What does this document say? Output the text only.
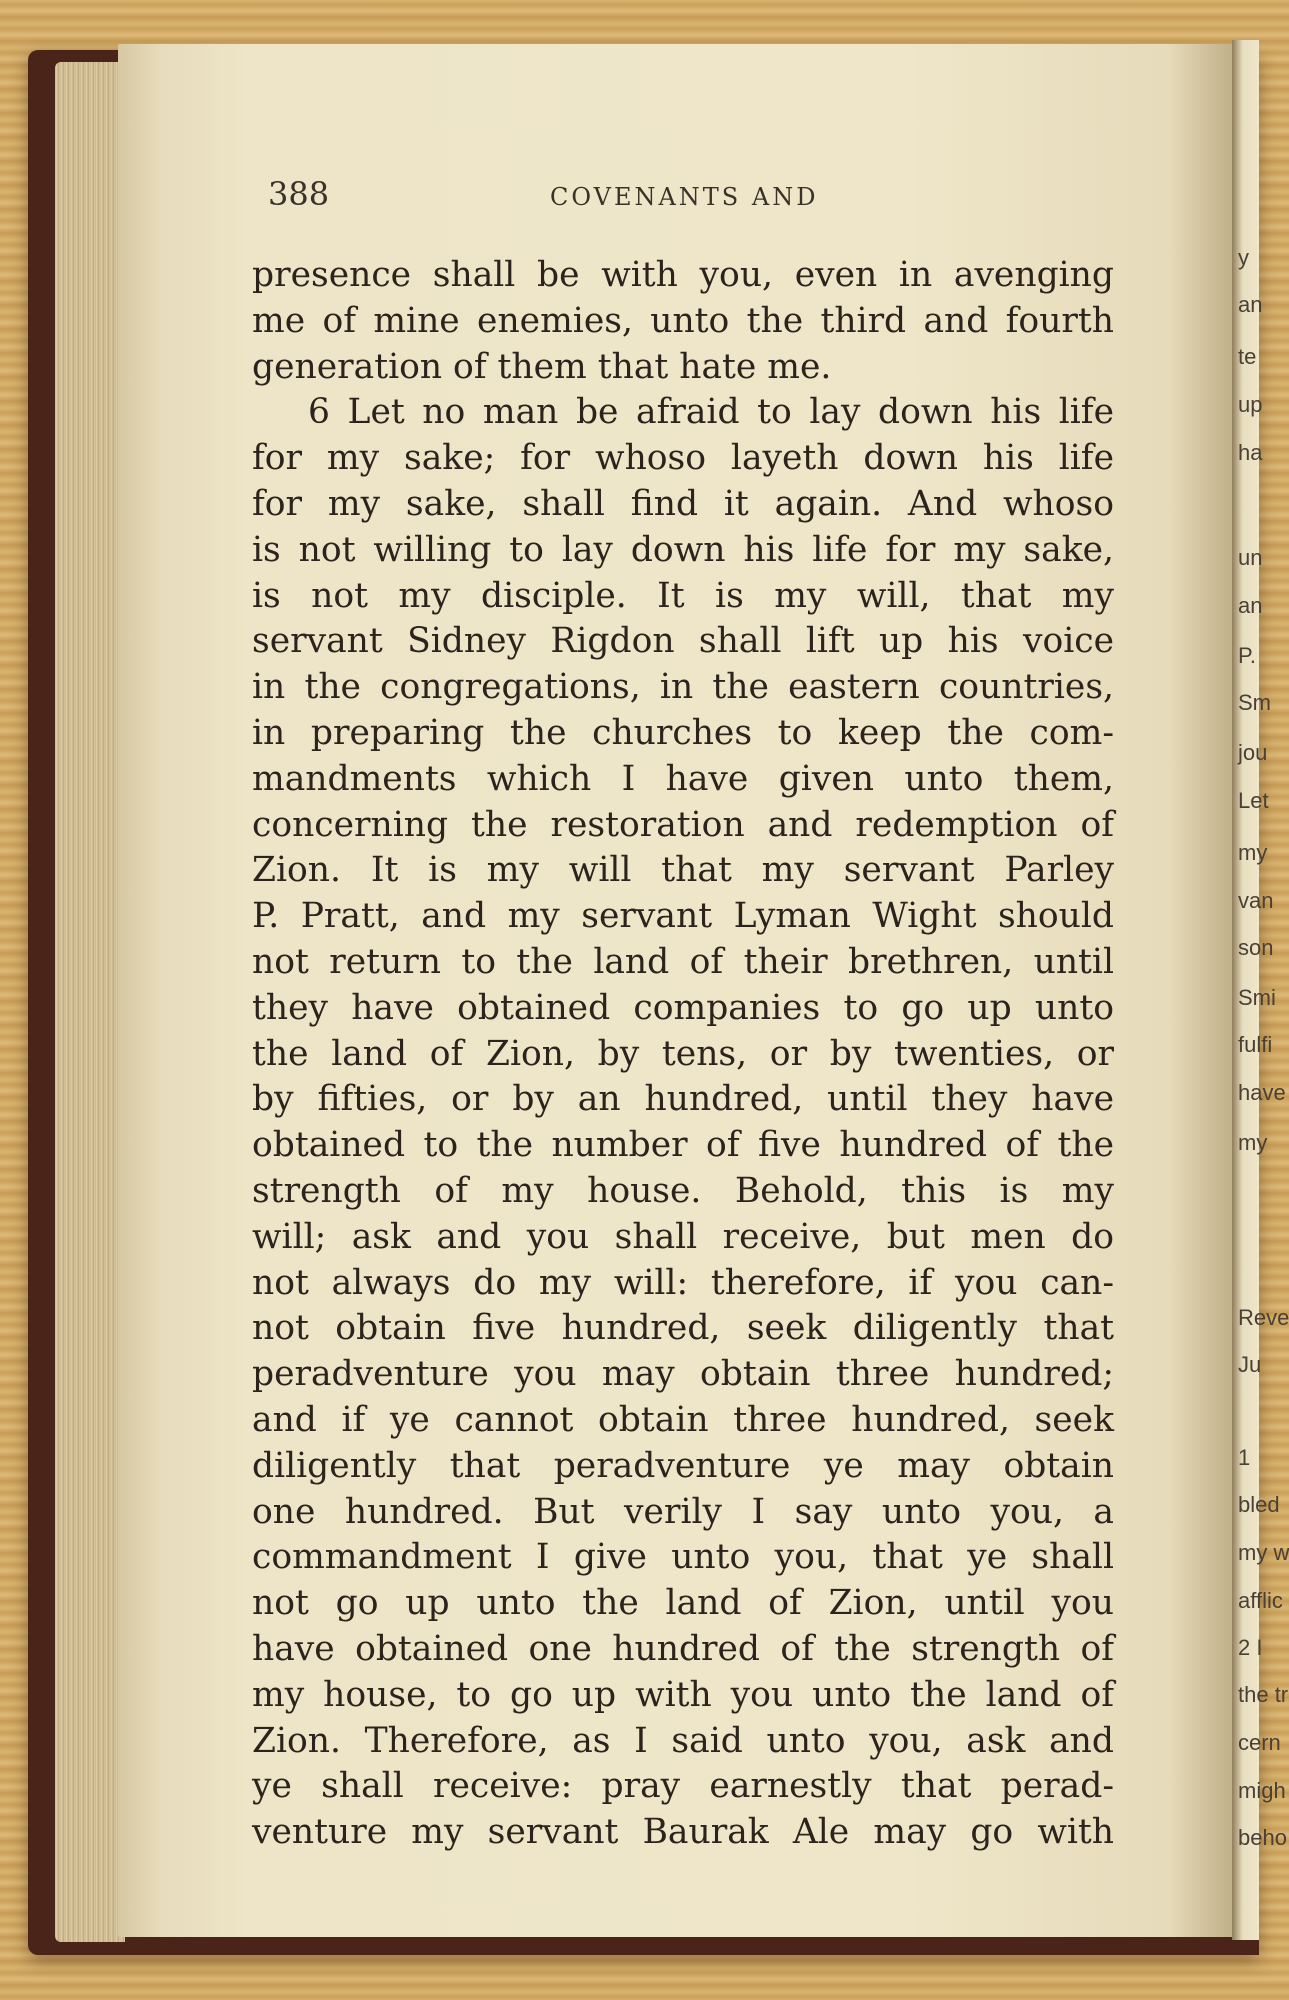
y
an
te
up
ha
un
an
P.
Sm
jou
Let
my
van
son
Smi
fulfi
have
my
Reve
Ju
1
bled
my w
afflic
2 I
the tr
cern
migh
beho
388	COVENANTS AND
presence shall be with you, even in avenging
me of mine enemies, unto the third and fourth
generation of them that hate me.
6 Let no man be afraid to lay down his life
for my sake; for whoso layeth down his life
for my sake, shall find it again. And whoso
is not willing to lay down his life for my sake,
is not my disciple. It is my will, that my
servant Sidney Rigdon shall lift up his voice
in the congregations, in the eastern countries,
in preparing the churches to keep the com-
mandments which I have given unto them,
concerning the restoration and redemption of
Zion. It is my will that my servant Parley
P. Pratt, and my servant Lyman Wight should
not return to the land of their brethren, until
they have obtained companies to go up unto
the land of Zion, by tens, or by twenties, or
by fifties, or by an hundred, until they have
obtained to the number of five hundred of the
strength of my house. Behold, this is my
will; ask and you shall receive, but men do
not always do my will: therefore, if you can-
not obtain five hundred, seek diligently that
peradventure you may obtain three hundred;
and if ye cannot obtain three hundred, seek
diligently that peradventure ye may obtain
one hundred. But verily I say unto you, a
commandment I give unto you, that ye shall
not go up unto the land of Zion, until you
have obtained one hundred of the strength of
my house, to go up with you unto the land of
Zion. Therefore, as I said unto you, ask and
ye shall receive: pray earnestly that perad-
venture my servant Baurak Ale may go with
